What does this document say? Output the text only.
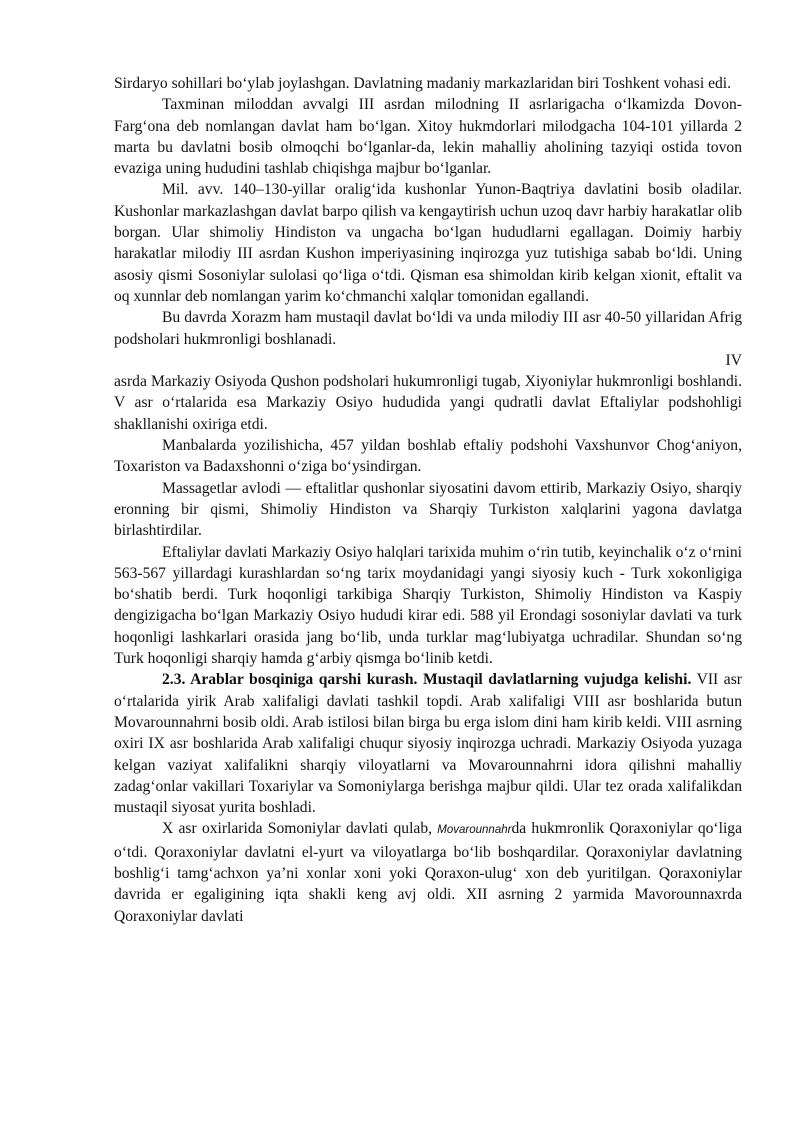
Sirdaryo sohillari bo‘ylab joylashgan. Davlatning madaniy markazlaridan biri Toshkent vohasi edi.

Taxminan miloddan avvalgi III asrdan milodning II asrlarigacha o‘lkamizda Dovon-Farg‘ona deb nomlangan davlat ham bo‘lgan. Xitoy hukmdorlari milodgacha 104-101 yillarda 2 marta bu davlatni bosib olmoqchi bo‘lganlar-da, lekin mahalliy aholining tazyiqi ostida tovon evaziga uning hududini tashlab chiqishga majbur bo‘lganlar.

Mil. avv. 140–130-yillar oralig‘ida kushonlar Yunon-Baqtriya davlatini bosib oladilar. Kushonlar markazlashgan davlat barpo qilish va kengaytirish uchun uzoq davr harbiy harakatlar olib borgan. Ular shimoliy Hindiston va ungacha bo‘lgan hududlarni egallagan. Doimiy harbiy harakatlar milodiy III asrdan Kushon imperiyasining inqirozga yuz tutishiga sabab bo‘ldi. Uning asosiy qismi Sosoniylar sulolasi qo‘liga o‘tdi. Qisman esa shimoldan kirib kelgan xionit, eftalit va oq xunnlar deb nomlangan yarim ko‘chmanchi xalqlar tomonidan egallandi.

Bu davrda Xorazm ham mustaqil davlat bo‘ldi va unda milodiy III asr 40-50 yillaridan Afrig podsholari hukmronligi boshlanadi.

IV

asrda Markaziy Osiyoda Qushon podsholari hukumronligi tugab, Xiyoniylar hukmronligi boshlandi. V asr o‘rtalarida esa Markaziy Osiyo hududida yangi qudratli davlat Eftaliylar podshohligi shakllanishi oxiriga etdi.

Manbalarda yozilishicha, 457 yildan boshlab eftaliy podshohi Vaxshunvor Chog‘aniyon, Toxariston va Badaxshonni o‘ziga bo‘ysindirgan.

Massagetlar avlodi — eftalitlar qushonlar siyosatini davom ettirib, Markaziy Osiyo, sharqiy eronning bir qismi, Shimoliy Hindiston va Sharqiy Turkiston xalqlarini yagona davlatga birlashtirdilar.

Eftaliylar davlati Markaziy Osiyo halqlari tarixida muhim o‘rin tutib, keyinchalik o‘z o‘rnini 563-567 yillardagi kurashlardan so‘ng tarix moydanidagi yangi siyosiy kuch - Turk xokonligiga bo‘shatib berdi. Turk hoqonligi tarkibiga Sharqiy Turkiston, Shimoliy Hindiston va Kaspiy dengizigacha bo‘lgan Markaziy Osiyo hududi kirar edi. 588 yil Erondagi sosoniylar davlati va turk hoqonligi lashkarlari orasida jang bo‘lib, unda turklar mag‘lubiyatga uchradilar. Shundan so‘ng Turk hoqonligi sharqiy hamda g‘arbiy qismga bo‘linib ketdi.

2.3. Arablar bosqiniga qarshi kurash. Mustaqil davlatlarning vujudga kelishi. VII asr o‘rtalarida yirik Arab xalifaligi davlati tashkil topdi. Arab xalifaligi VIII asr boshlarida butun Movarounnahrni bosib oldi. Arab istilosi bilan birga bu erga islom dini ham kirib keldi. VIII asrning oxiri IX asr boshlarida Arab xalifaligi chuqur siyosiy inqirozga uchradi. Markaziy Osiyoda yuzaga kelgan vaziyat xalifalikni sharqiy viloyatlarni va Movarounnahrni idora qilishni mahalliy zadag‘onlar vakillari Toxariylar va Somoniylarga berishga majbur qildi. Ular tez orada xalifalikdan mustaqil siyosat yurita boshladi.

X asr oxirlarida Somoniylar davlati qulab, Movarounnahrda hukmronlik Qoraxoniylar qo‘liga o‘tdi. Qoraxoniylar davlatni el-yurt va viloyatlarga bo‘lib boshqardilar. Qoraxoniylar davlatning boshlig‘i tamg‘achxon ya’ni xonlar xoni yoki Qoraxon-ulug‘ xon deb yuritilgan. Qoraxoniylar davrida er egaligining iqta shakli keng avj oldi. XII asrning 2 yarmida Mavorounnaxrda Qoraxoniylar davlati
